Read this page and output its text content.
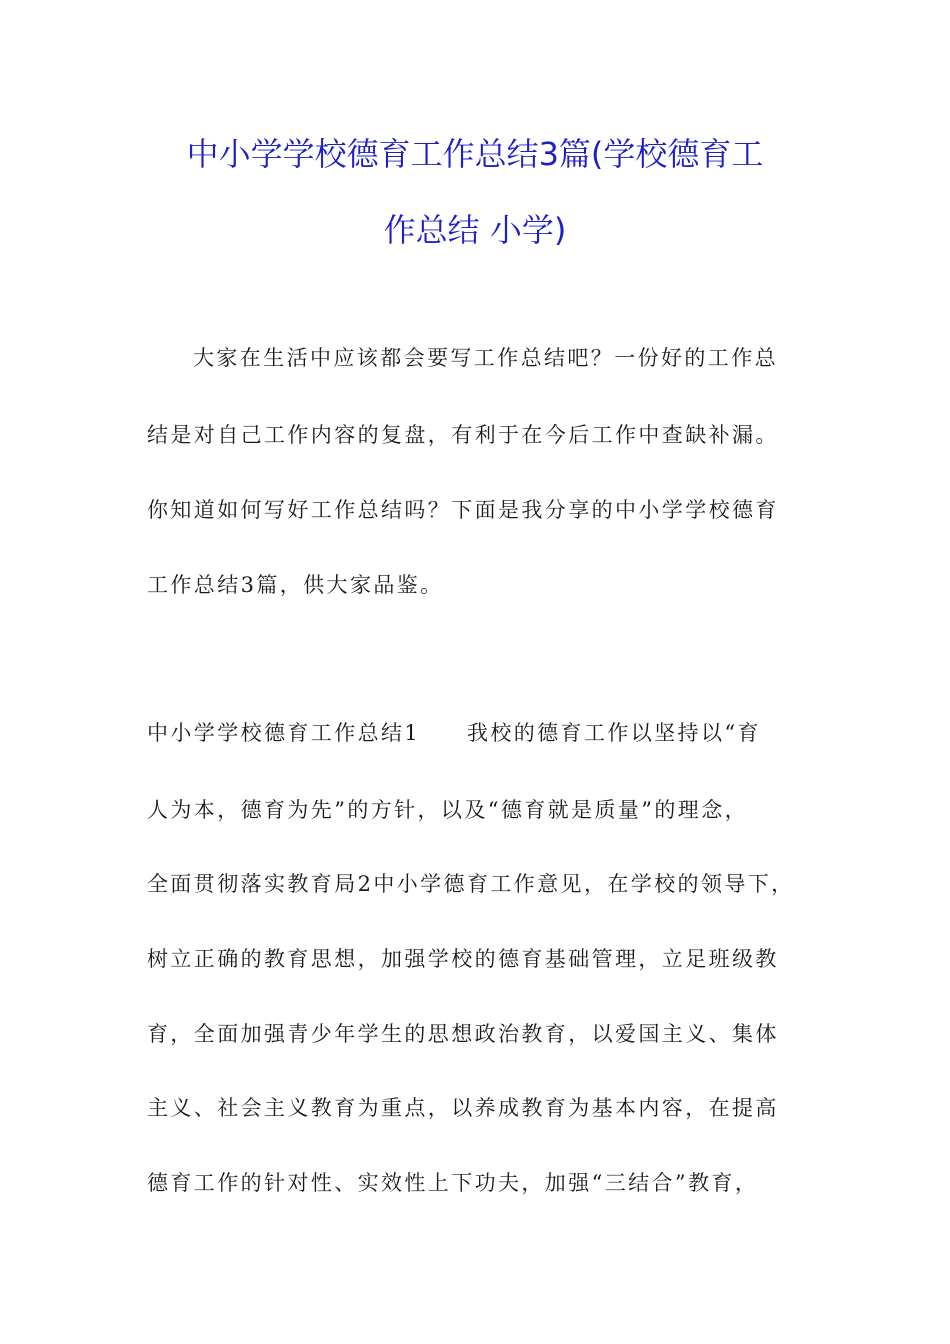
中小学学校德育工作总结3篇(学校德育工
作总结 小学)
大家在生活中应该都会要写工作总结吧？一份好的工作总
结是对自己工作内容的复盘，有利于在今后工作中查缺补漏。
你知道如何写好工作总结吗？下面是我分享的中小学学校德育
工作总结3篇，供大家品鉴。
中小学学校德育工作总结1　　我校的德育工作以坚持以“育
人为本，德育为先”的方针，以及“德育就是质量”的理念，
全面贯彻落实教育局2中小学德育工作意见，在学校的领导下，
树立正确的教育思想，加强学校的德育基础管理，立足班级教
育，全面加强青少年学生的思想政治教育，以爱国主义、集体
主义、社会主义教育为重点，以养成教育为基本内容，在提高
德育工作的针对性、实效性上下功夫，加强“三结合”教育，
